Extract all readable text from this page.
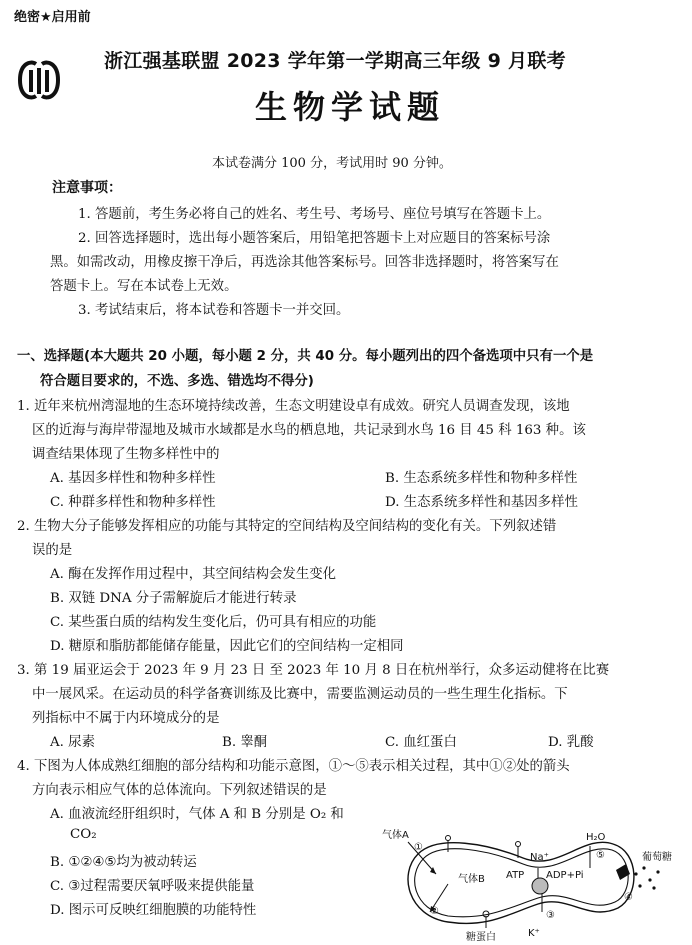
绝密★启用前
浙江强基联盟 2023 学年第一学期高三年级 9 月联考
生物学试题
本试卷满分 100 分，考试用时 90 分钟。
注意事项：
1. 答题前，考生务必将自己的姓名、考生号、考场号、座位号填写在答题卡上。
2. 回答选择题时，选出每小题答案后，用铅笔把答题卡上对应题目的答案标号涂
黑。如需改动，用橡皮擦干净后，再选涂其他答案标号。回答非选择题时，将答案写在
答题卡上。写在本试卷上无效。
3. 考试结束后，将本试卷和答题卡一并交回。
一、选择题(本大题共 20 小题，每小题 2 分，共 40 分。每小题列出的四个备选项中只有一个是
符合题目要求的，不选、多选、错选均不得分)
1. 近年来杭州湾湿地的生态环境持续改善，生态文明建设卓有成效。研究人员调查发现，该地
区的近海与海岸带湿地及城市水域都是水鸟的栖息地，共记录到水鸟 16 目 45 科 163 种。该
调查结果体现了生物多样性中的
A. 基因多样性和物种多样性	B. 生态系统多样性和物种多样性
C. 种群多样性和物种多样性	D. 生态系统多样性和基因多样性
2. 生物大分子能够发挥相应的功能与其特定的空间结构及空间结构的变化有关。下列叙述错
误的是
A. 酶在发挥作用过程中，其空间结构会发生变化
B. 双链 DNA 分子需解旋后才能进行转录
C. 某些蛋白质的结构发生变化后，仍可具有相应的功能
D. 糖原和脂肪都能储存能量，因此它们的空间结构一定相同
3. 第 19 届亚运会于 2023 年 9 月 23 日 至 2023 年 10 月 8 日在杭州举行，众多运动健将在比赛
中一展风采。在运动员的科学备赛训练及比赛中，需要监测运动员的一些生理生化指标。下
列指标中不属于内环境成分的是
A. 尿素	B. 睾酮	C. 血红蛋白	D. 乳酸
4. 下图为人体成熟红细胞的部分结构和功能示意图，①～⑤表示相关过程，其中①②处的箭头
方向表示相应气体的总体流向。下列叙述错误的是
A. 血液流经肝组织时，气体 A 和 B 分别是 O₂ 和
CO₂
B. ①②④⑤均为被动转运
C. ③过程需要厌氧呼吸来提供能量
D. 图示可反映红细胞膜的功能特性
气体A
①
气体B
②
H₂O
⑤
Na⁺
ATP ADP+Pi
③
K⁺
葡萄糖
④
糖蛋白
